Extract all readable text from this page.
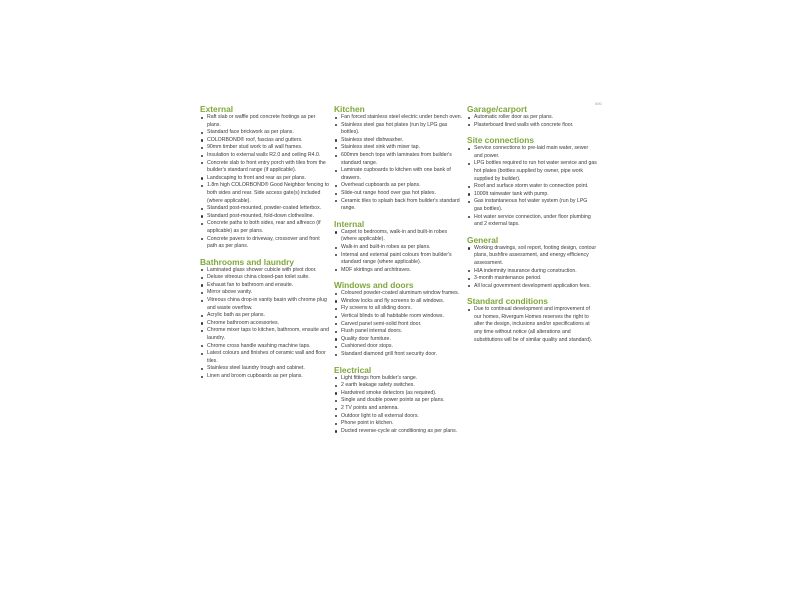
000
External
Raft slab or waffle pod concrete footings as per plans.
Standard face brickwork as per plans.
COLORBOND® roof, fascias and gutters.
90mm timber stud work to all wall frames.
Insulation to external walls R2.0 and ceiling R4.0.
Concrete slab to front entry porch with tiles from the builder's standard range (if applicable).
Landscaping to front and rear as per plans.
1.8m high COLORBOND® Good Neighbor fencing to both sides and rear. Side access gate(s) included (where applicable).
Standard post-mounted, powder-coated letterbox.
Standard post-mounted, fold-down clothesline.
Concrete paths to both sides, rear and alfresco (if applicable) as per plans.
Concrete pavers to driveway, crossover and front path as per plans.
Bathrooms and laundry
Laminated glass shower cubicle with pivot door.
Deluxe vitreous china closed-pan toilet suite.
Exhaust fan to bathroom and ensuite.
Mirror above vanity.
Vitreous china drop-in vanity basin with chrome plug and waste overflow.
Acrylic bath as per plans.
Chrome bathroom accessories.
Chrome mixer taps to kitchen, bathroom, ensuite and laundry.
Chrome cross handle washing machine taps.
Latest colours and finishes of ceramic wall and floor tiles.
Stainless steel laundry trough and cabinet.
Linen and broom cupboards as per plans.
Kitchen
Fan forced stainless steel electric under bench oven.
Stainless steel gas hot plates (run by LPG gas bottles).
Stainless steel dishwasher.
Stainless steel sink with mixer tap.
600mm bench tops with laminates from builder's standard range.
Laminate cupboards to kitchen with one bank of drawers.
Overhead cupboards as per plans.
Slide-out range hood over gas hot plates.
Ceramic tiles to splash back from builder's standard range.
Internal
Carpet to bedrooms, walk-in and built-in robes (where applicable).
Walk-in and built-in robes as per plans.
Internal and external paint colours from builder's standard range (where applicable).
MDF skirtings and architraves.
Windows and doors
Coloured powder-coated aluminum window frames.
Window locks and fly screens to all windows.
Fly screens to all sliding doors.
Vertical blinds to all habitable room windows.
Carved panel semi-solid front door.
Flush panel internal doors.
Quality door furniture.
Cushioned door stops.
Standard diamond grill front security door.
Electrical
Light fittings from builder's range.
2 earth leakage safety switches.
Hardwired smoke detectors (as required).
Single and double power points as per plans.
2 TV points and antenna.
Outdoor light to all external doors.
Phone point in kitchen.
Ducted reverse-cycle air conditioning as per plans.
Garage/carport
Automatic roller door as per plans.
Plasterboard lined walls with concrete floor.
Site connections
Service connections to pre-laid main water, sewer and power.
LPG bottles required to run hot water service and gas hot plates (bottles supplied by owner, pipe work supplied by builder).
Roof and surface storm water to connection point.
1000lt rainwater tank with pump.
Gas instantaneous hot water system (run by LPG gas bottles).
Hot water service connection, under floor plumbing and 2 external taps.
General
Working drawings, soil report, footing design, contour plans, bushfire assessment, and energy efficiency assessment.
HIA indemnity insurance during construction.
3-month maintenance period.
All local government development application fees.
Standard conditions
Due to continual development and improvement of our homes, Rivergum Homes reserves the right to alter the design, inclusions and/or specifications at any time without notice (all alterations and substitutions will be of similar quality and standard).
